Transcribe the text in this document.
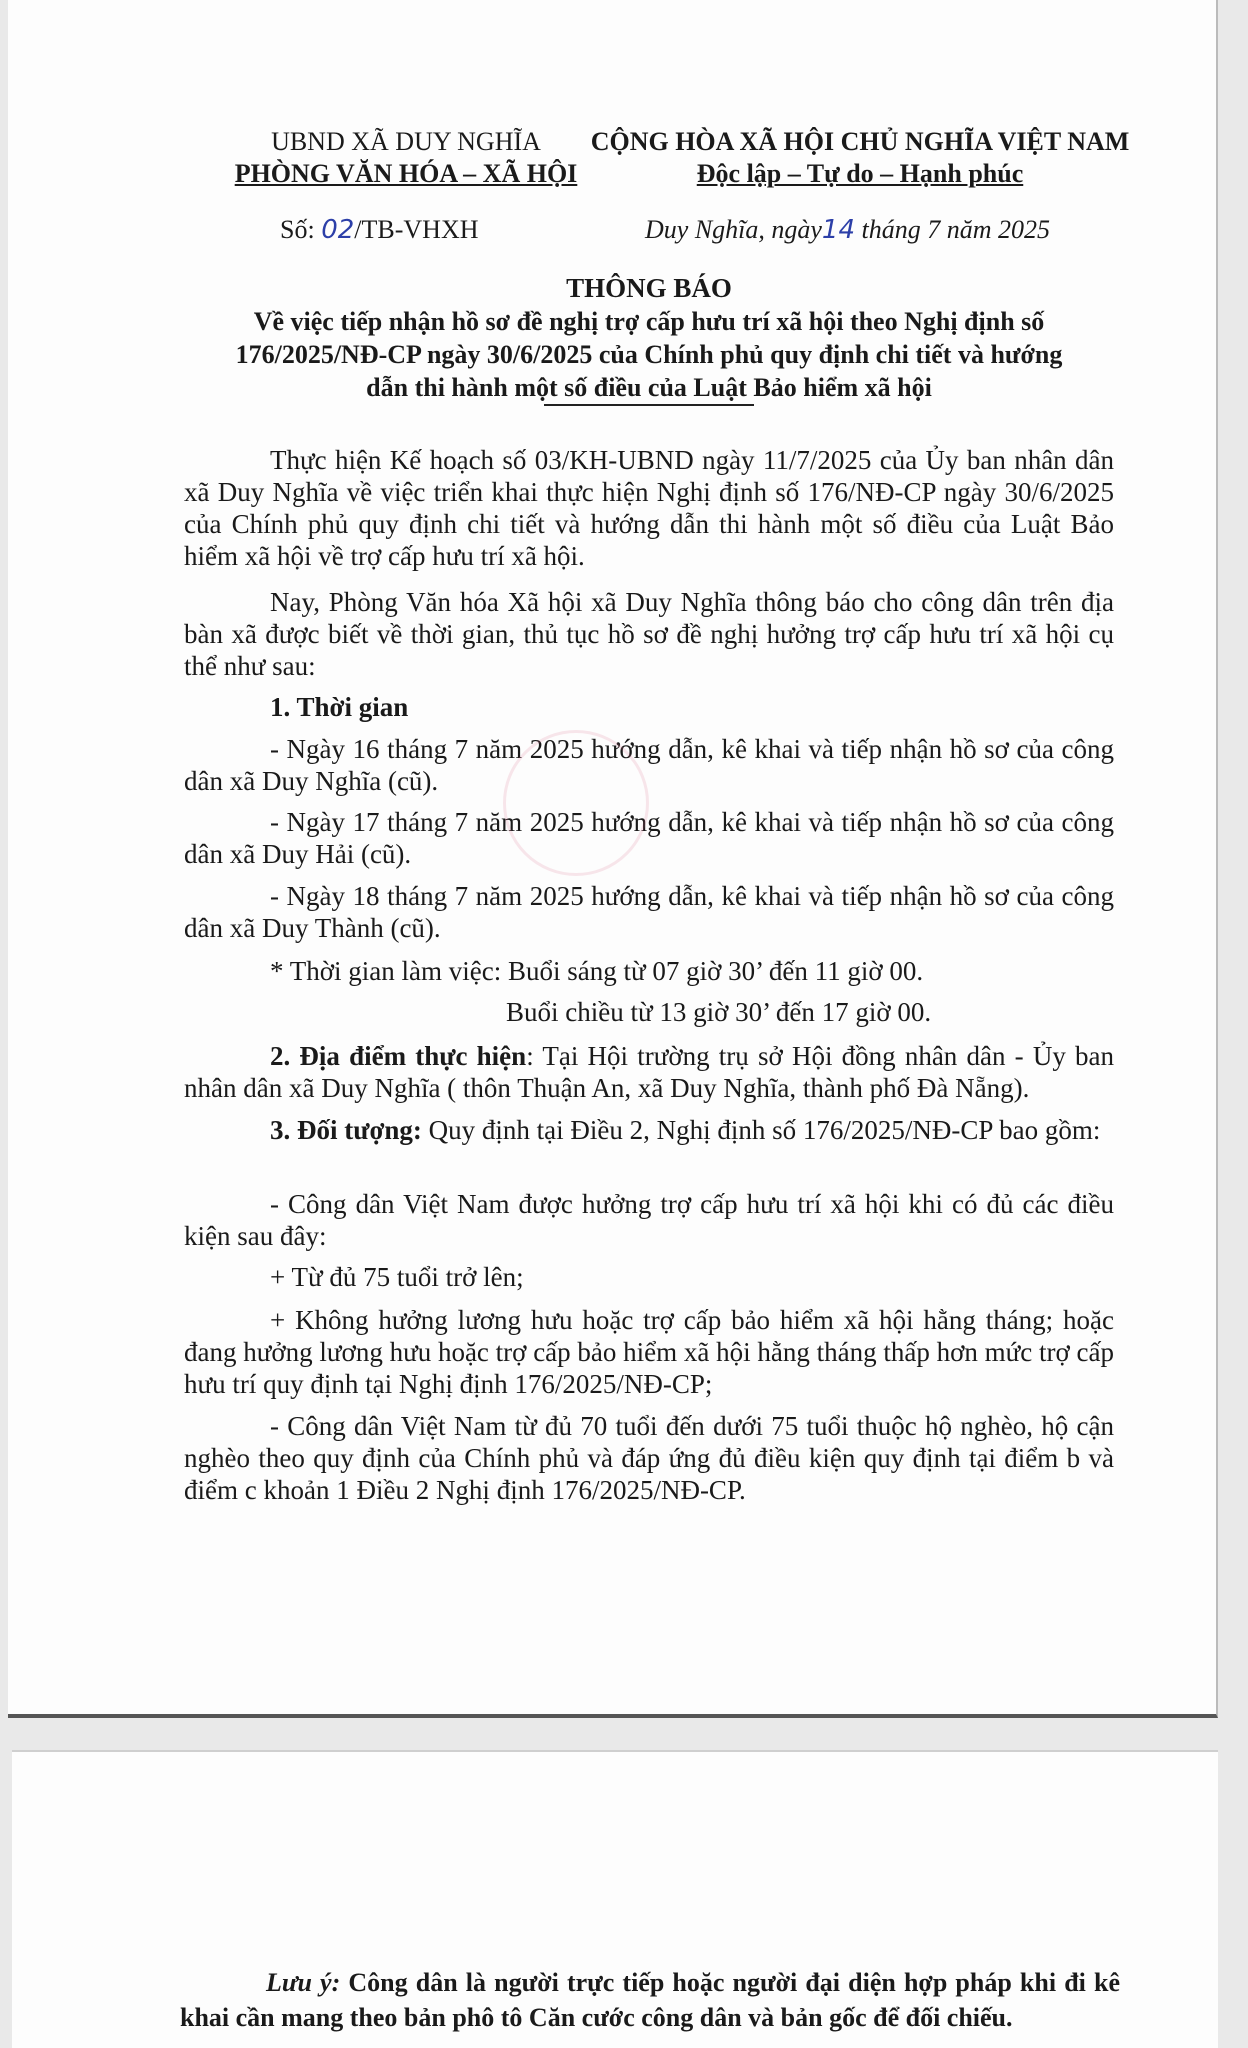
UBND XÃ DUY NGHĨA
PHÒNG VĂN HÓA – XÃ HỘI
CỘNG HÒA XÃ HỘI CHỦ NGHĨA VIỆT NAM
Độc lập – Tự do – Hạnh phúc
Số: 02/TB-VHXH	Duy Nghĩa, ngày14 tháng 7 năm 2025
THÔNG BÁO
Về việc tiếp nhận hồ sơ đề nghị trợ cấp hưu trí xã hội theo Nghị định số
176/2025/NĐ-CP ngày 30/6/2025 của Chính phủ quy định chi tiết và hướng
dẫn thi hành một số điều của Luật Bảo hiểm xã hội
Thực hiện Kế hoạch số 03/KH-UBND ngày 11/7/2025 của Ủy ban nhân dân xã Duy Nghĩa về việc triển khai thực hiện Nghị định số 176/NĐ-CP ngày 30/6/2025 của Chính phủ quy định chi tiết và hướng dẫn thi hành một số điều của Luật Bảo hiểm xã hội về trợ cấp hưu trí xã hội.
Nay, Phòng Văn hóa Xã hội xã Duy Nghĩa thông báo cho công dân trên địa bàn xã được biết về thời gian, thủ tục hồ sơ đề nghị hưởng trợ cấp hưu trí xã hội cụ thể như sau:
1. Thời gian
- Ngày 16 tháng 7 năm 2025 hướng dẫn, kê khai và tiếp nhận hồ sơ của công dân xã Duy Nghĩa (cũ).
- Ngày 17 tháng 7 năm 2025 hướng dẫn, kê khai và tiếp nhận hồ sơ của công dân xã Duy Hải (cũ).
- Ngày 18 tháng 7 năm 2025 hướng dẫn, kê khai và tiếp nhận hồ sơ của công dân xã Duy Thành (cũ).
* Thời gian làm việc: Buổi sáng từ 07 giờ 30’ đến 11 giờ 00.
Buổi chiều từ 13 giờ 30’ đến 17 giờ 00.
2. Địa điểm thực hiện: Tại Hội trường trụ sở Hội đồng nhân dân - Ủy ban nhân dân xã Duy Nghĩa ( thôn Thuận An, xã Duy Nghĩa, thành phố Đà Nẵng).
3. Đối tượng: Quy định tại Điều 2, Nghị định số 176/2025/NĐ-CP bao gồm:
- Công dân Việt Nam được hưởng trợ cấp hưu trí xã hội khi có đủ các điều kiện sau đây:
+ Từ đủ 75 tuổi trở lên;
+ Không hưởng lương hưu hoặc trợ cấp bảo hiểm xã hội hằng tháng; hoặc đang hưởng lương hưu hoặc trợ cấp bảo hiểm xã hội hằng tháng thấp hơn mức trợ cấp hưu trí quy định tại Nghị định 176/2025/NĐ-CP;
- Công dân Việt Nam từ đủ 70 tuổi đến dưới 75 tuổi thuộc hộ nghèo, hộ cận nghèo theo quy định của Chính phủ và đáp ứng đủ điều kiện quy định tại điểm b và điểm c khoản 1 Điều 2 Nghị định 176/2025/NĐ-CP.
Lưu ý: Công dân là người trực tiếp hoặc người đại diện hợp pháp khi đi kê khai cần mang theo bản phô tô Căn cước công dân và bản gốc để đối chiếu.
